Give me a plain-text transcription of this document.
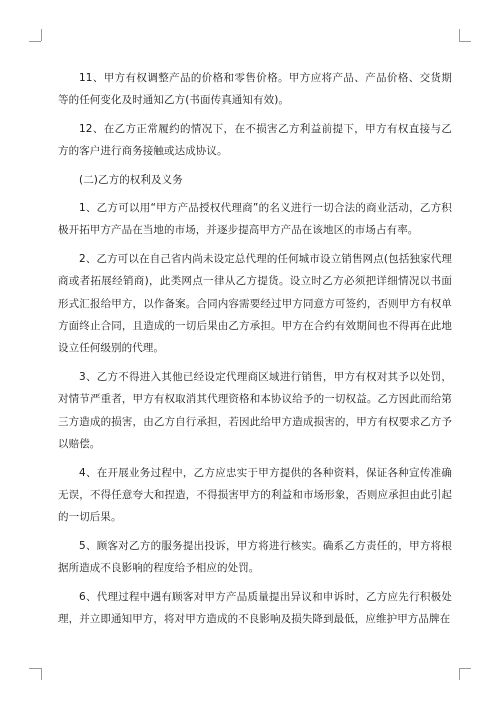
11、甲方有权调整产品的价格和零售价格。甲方应将产品、产品价格、交货期等的任何变化及时通知乙方(书面传真通知有效)。

12、在乙方正常履约的情况下，在不损害乙方利益前提下，甲方有权直接与乙方的客户进行商务接触或达成协议。

(二)乙方的权利及义务

1、乙方可以用“甲方产品授权代理商”的名义进行一切合法的商业活动，乙方积极开拓甲方产品在当地的市场，并逐步提高甲方产品在该地区的市场占有率。

2、乙方可以在自己省内尚未设定总代理的任何城市设立销售网点(包括独家代理商或者拓展经销商)，此类网点一律从乙方提货。设立时乙方必须把详细情况以书面形式汇报给甲方，以作备案。合同内容需要经过甲方同意方可签约，否则甲方有权单方面终止合同，且造成的一切后果由乙方承担。甲方在合约有效期间也不得再在此地设立任何级别的代理。

3、乙方不得进入其他已经设定代理商区域进行销售，甲方有权对其予以处罚，对情节严重者，甲方有权取消其代理资格和本协议给予的一切权益。乙方因此而给第三方造成的损害，由乙方自行承担，若因此给甲方造成损害的，甲方有权要求乙方予以赔偿。

4、在开展业务过程中，乙方应忠实于甲方提供的各种资料，保证各种宣传准确无误，不得任意夸大和捏造，不得损害甲方的利益和市场形象，否则应承担由此引起的一切后果。

5、顾客对乙方的服务提出投诉，甲方将进行核实。确系乙方责任的，甲方将根据所造成不良影响的程度给予相应的处罚。

6、代理过程中遇有顾客对甲方产品质量提出异议和申诉时，乙方应先行积极处理，并立即通知甲方，将对甲方造成的不良影响及损失降到最低，应维护甲方品牌在
